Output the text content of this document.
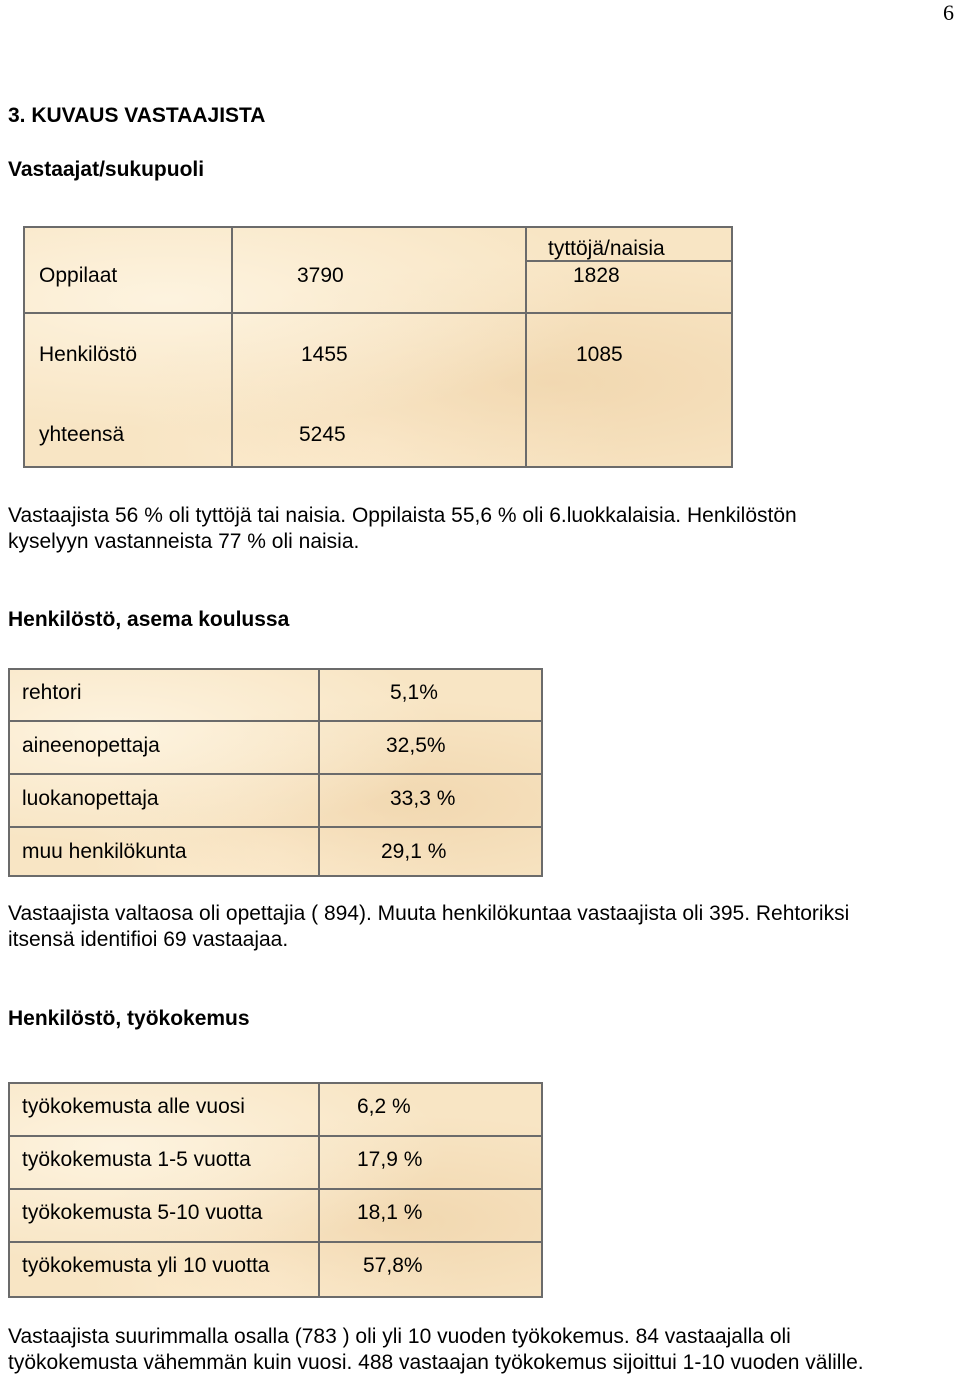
6
3. KUVAUS VASTAAJISTA
Vastaajat/sukupuoli
tyttöjä/naisia
Oppilaat	3790	1828
Henkilöstö	1455	1085
yhteensä	5245

Vastaajista 56 % oli tyttöjä tai naisia. Oppilaista 55,6 % oli 6.luokkalaisia. Henkilöstön

kyselyyn vastanneista 77 % oli naisia.

Henkilöstö, asema koulussa
rehtori	5,1%
aineenopettaja	32,5%
luokanopettaja	33,3 %
muu henkilökunta	29,1 %

Vastaajista valtaosa oli opettajia ( 894). Muuta henkilökuntaa vastaajista oli 395. Rehtoriksi

itsensä identifioi 69 vastaajaa.

Henkilöstö, työkokemus
työkokemusta alle vuosi	6,2 %
työkokemusta 1-5 vuotta	17,9 %
työkokemusta 5-10 vuotta	18,1 %
työkokemusta yli 10 vuotta	57,8%

Vastaajista suurimmalla osalla (783 ) oli yli 10 vuoden työkokemus. 84 vastaajalla oli

työkokemusta vähemmän kuin vuosi. 488 vastaajan työkokemus sijoittui 1-10 vuoden välille.
